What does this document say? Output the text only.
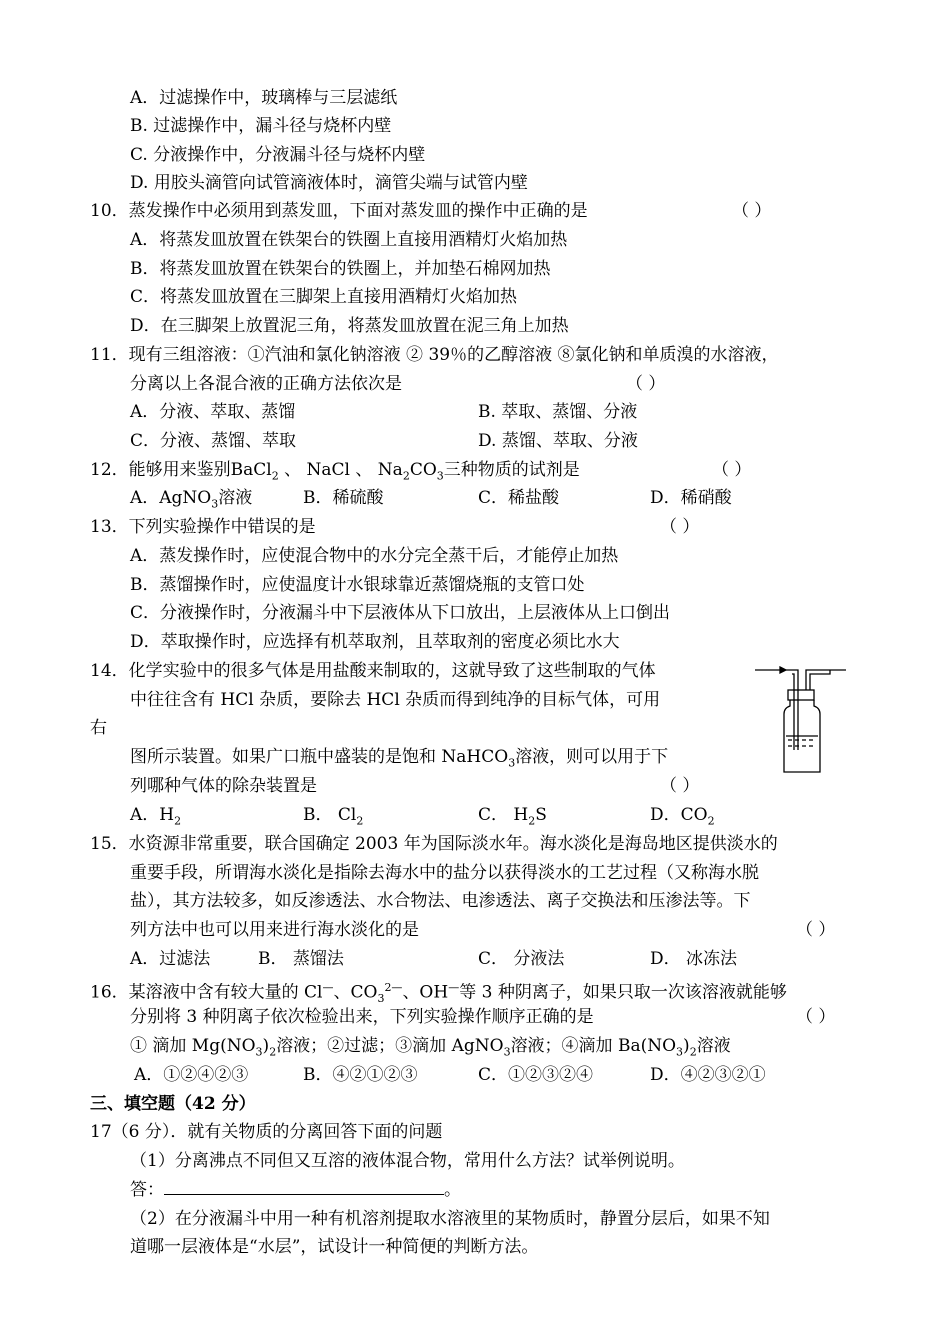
A．过滤操作中，玻璃棒与三层滤纸
B. 过滤操作中，漏斗径与烧杯内壁
C. 分液操作中，分液漏斗径与烧杯内壁
D. 用胶头滴管向试管滴液体时，滴管尖端与试管内壁
10．蒸发操作中必须用到蒸发皿，下面对蒸发皿的操作中正确的是	（ ）
A．将蒸发皿放置在铁架台的铁圈上直接用酒精灯火焰加热
B．将蒸发皿放置在铁架台的铁圈上，并加垫石棉网加热
C．将蒸发皿放置在三脚架上直接用酒精灯火焰加热
D．在三脚架上放置泥三角，将蒸发皿放置在泥三角上加热
11．现有三组溶液：①汽油和氯化钠溶液 ② 39％的乙醇溶液 ⑧氯化钠和单质溴的水溶液，
分离以上各混合液的正确方法依次是	（ ）
A．分液、萃取、蒸馏	B. 萃取、蒸馏、分液
C．分液、蒸馏、萃取	D. 蒸馏、萃取、分液
12．能够用来鉴别BaCl$_2$ 、 NaCl 、 $Na_2CO_3$三种物质的试剂是	（ ）
A．AgNO$_3$溶液	B．稀硫酸	C．稀盐酸	D．稀硝酸
13．下列实验操作中错误的是	（ ）
A．蒸发操作时，应使混合物中的水分完全蒸干后，才能停止加热
B．蒸馏操作时，应使温度计水银球靠近蒸馏烧瓶的支管口处
C．分液操作时，分液漏斗中下层液体从下口放出，上层液体从上口倒出
D．萃取操作时，应选择有机萃取剂，且萃取剂的密度必须比水大
14．化学实验中的很多气体是用盐酸来制取的，这就导致了这些制取的气体
中往往含有 HCl 杂质，要除去 HCl 杂质而得到纯净的目标气体，可用
右
图所示装置。如果广口瓶中盛装的是饱和 NaHCO$_3$溶液，则可以用于下
列哪种气体的除杂装置是	（ ）
A．$H_2$	B． $Cl_2$	C． $H_2S$	D．$CO_2$
15．水资源非常重要，联合国确定 2003 年为国际淡水年。海水淡化是海岛地区提供淡水的
重要手段，所谓海水淡化是指除去海水中的盐分以获得淡水的工艺过程（又称海水脱
盐），其方法较多，如反渗透法、水合物法、电渗透法、离子交换法和压渗法等。下
列方法中也可以用来进行海水淡化的是	（ ）
A．过滤法	B． 蒸馏法	C． 分液法	D． 冰冻法
16．某溶液中含有较大量的 Cl—、$CO_3^{2—}$、OH—等 3 种阴离子，如果只取一次该溶液就能够
分别将 3 种阴离子依次检验出来，下列实验操作顺序正确的是	（ ）
① 滴加 $Mg(NO_3)_2$溶液；②过滤；③滴加 AgNO$_3$溶液；④滴加 $Ba(NO_3)_2$溶液
A．①②④②③	B．④②①②③	C．①②③②④	D．④②③②①
三、填空题（42 分）
17（6 分）．就有关物质的分离回答下面的问题
（1）分离沸点不同但又互溶的液体混合物，常用什么方法？试举例说明。
答：	。
（2）在分液漏斗中用一种有机溶剂提取水溶液里的某物质时，静置分层后，如果不知
道哪一层液体是“水层”，试设计一种简便的判断方法。
